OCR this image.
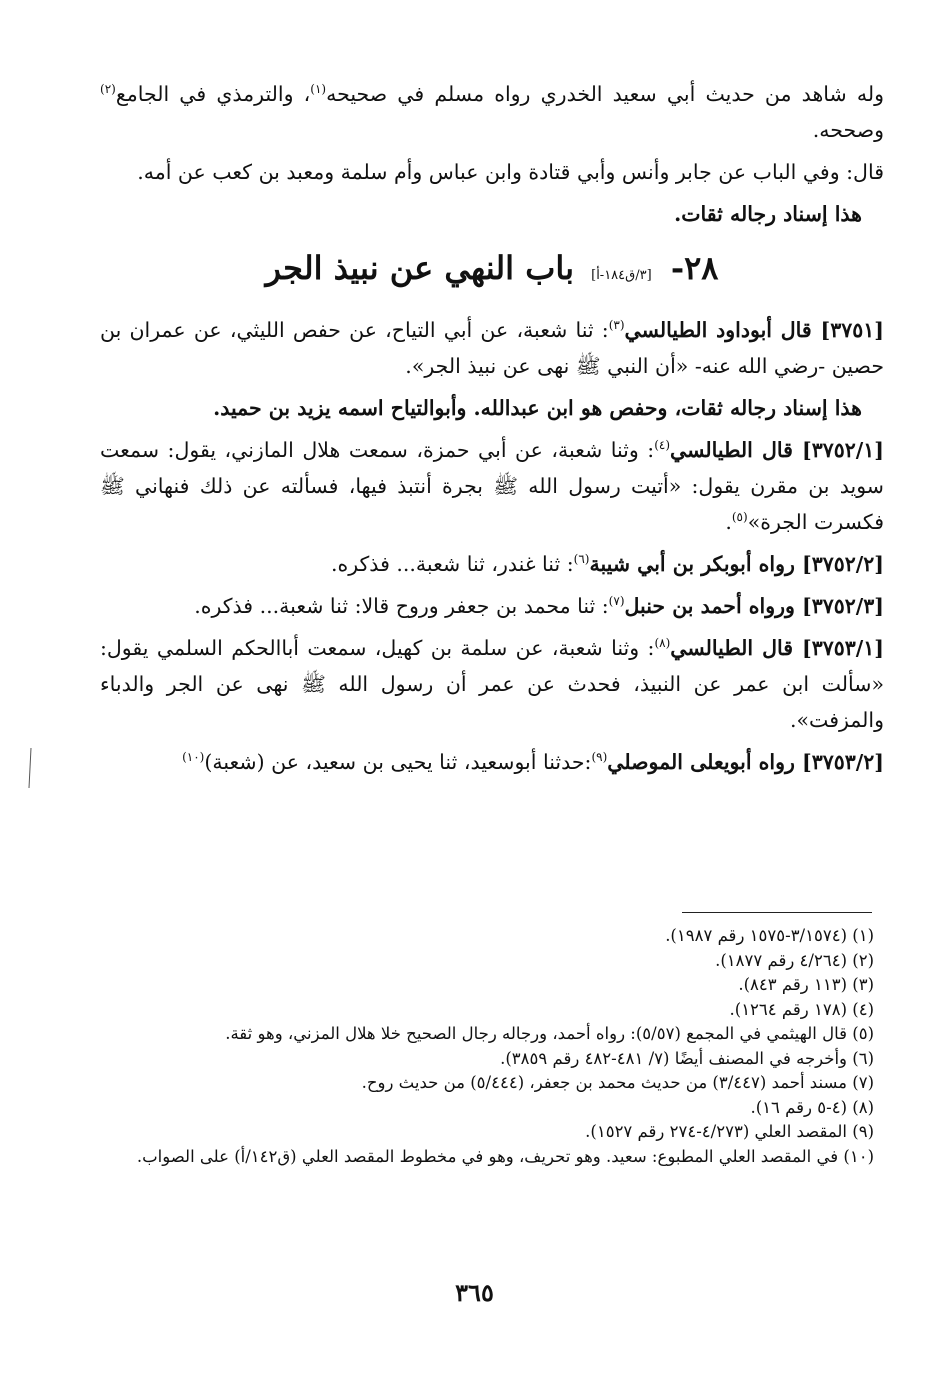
وله شاهد من حديث أبي سعيد الخدري رواه مسلم في صحيحه$^{(١)}$، والترمذي في الجامع$^{(٢)}$ وصححه.

قال: وفي الباب عن جابر وأنس وأبي قتادة وابن عباس وأم سلمة ومعبد بن كعب عن أمه.

هذا إسناد رجاله ثقات.

٢٨- [٣/ق١٨٤-أ] باب النهي عن نبيذ الجر

[٣٧٥١] قال أبوداود الطيالسي$^{(٣)}$: ثنا شعبة، عن أبي التياح، عن حفص الليثي، عن عمران بن حصين -رضي الله عنه- «أن النبي ﷺ نهى عن نبيذ الجر».

هذا إسناد رجاله ثقات، وحفص هو ابن عبدالله. وأبوالتياح اسمه يزيد بن حميد.

[٣٧٥٢/١] قال الطيالسي$^{(٤)}$: وثنا شعبة، عن أبي حمزة، سمعت هلال المازني، يقول: سمعت سويد بن مقرن يقول: «أتيت رسول الله ﷺ بجرة أنتبذ فيها، فسألته عن ذلك فنهاني ﷺ فكسرت الجرة»$^{(٥)}$.

[٣٧٥٢/٢] رواه أبوبكر بن أبي شيبة$^{(٦)}$: ثنا غندر، ثنا شعبة... فذكره.

[٣٧٥٢/٣] ورواه أحمد بن حنبل$^{(٧)}$: ثنا محمد بن جعفر وروح قالا: ثنا شعبة... فذكره.

[٣٧٥٣/١] قال الطيالسي$^{(٨)}$: وثنا شعبة، عن سلمة بن كهيل، سمعت أباالحكم السلمي يقول: «سألت ابن عمر عن النبيذ، فحدث عن عمر أن رسول الله ﷺ نهى عن الجر والدباء والمزفت».

[٣٧٥٣/٢] رواه أبويعلى الموصلي$^{(٩)}$:حدثنا أبوسعيد، ثنا يحيى بن سعيد، عن (شعبة)$^{(١٠)}$

(١) (٣/١٥٧٤-١٥٧٥ رقم ١٩٨٧).

(٢) (٤/٢٦٤ رقم ١٨٧٧).

(٣) (١١٣ رقم ٨٤٣).

(٤) (١٧٨ رقم ١٢٦٤).

(٥) قال الهيثمي في المجمع (٥/٥٧): رواه أحمد، ورجاله رجال الصحيح خلا هلال المزني، وهو ثقة.

(٦) وأخرجه في المصنف أيضًا (٧/ ٤٨١-٤٨٢ رقم ٣٨٥٩).

(٧) مسند أحمد (٣/٤٤٧) من حديث محمد بن جعفر، (٥/٤٤٤) من حديث روح.

(٨) (٤-٥ رقم ١٦).

(٩) المقصد العلي (٤/٢٧٣-٢٧٤ رقم ١٥٢٧).

(١٠) في المقصد العلي المطبوع: سعيد. وهو تحريف، وهو في مخطوط المقصد العلي (ق١٤٢/أ) على الصواب.

٣٦٥
